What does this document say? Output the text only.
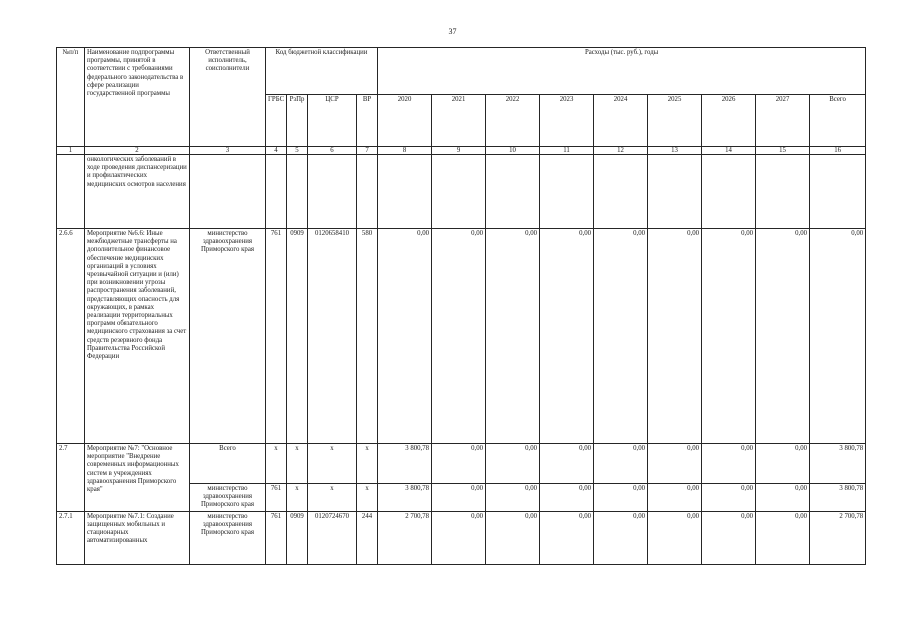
37
№п/п	Наименование подпрограммы программы, принятой в соответствии с требованиями федерального законодательства в сфере реализации государственной программы	Ответственный исполнитель, соисполнители	Код бюджетной классификации				Расходы (тыс. руб.), годы								
			ГРБС	РзПр	ЦСР	ВР	2020	2021	2022	2023	2024	2025	2026	2027	Всего
1	2	3	4	5	6	7	8	9	10	11	12	13	14	15	16
	онкологических заболеваний в ходе проведения диспансеризации и профилактических медицинских осмотров населения														
2.6.6	Мероприятие №6.6: Иные межбюджетные трансферты на дополнительное финансовое обеспечение медицинских организаций в условиях чрезвычайной ситуации и (или) при возникновении угрозы распространения заболеваний, представляющих опасность для окружающих, в рамках реализации территориальных программ обязательного медицинского страхования за счет средств резервного фонда Правительства Российской Федерации	министерство здравоохранения Приморского края	761	0909	0120658410	580	0,00	0,00	0,00	0,00	0,00	0,00	0,00	0,00	0,00
2.7	Мероприятие №7: "Основное мероприятие "Внедрение современных информационных систем в учреждениях здравоохранения Приморского края"	Всего	x	x	x	x	3 800,78	0,00	0,00	0,00	0,00	0,00	0,00	0,00	3 800,78
		министерство здравоохранения Приморского края	761	x	x	x	3 800,78	0,00	0,00	0,00	0,00	0,00	0,00	0,00	3 800,78
2.7.1	Мероприятие №7.1: Создание защищенных мобильных и стационарных автоматизированных	министерство здравоохранения Приморского края	761	0909	0120724670	244	2 700,78	0,00	0,00	0,00	0,00	0,00	0,00	0,00	2 700,78
